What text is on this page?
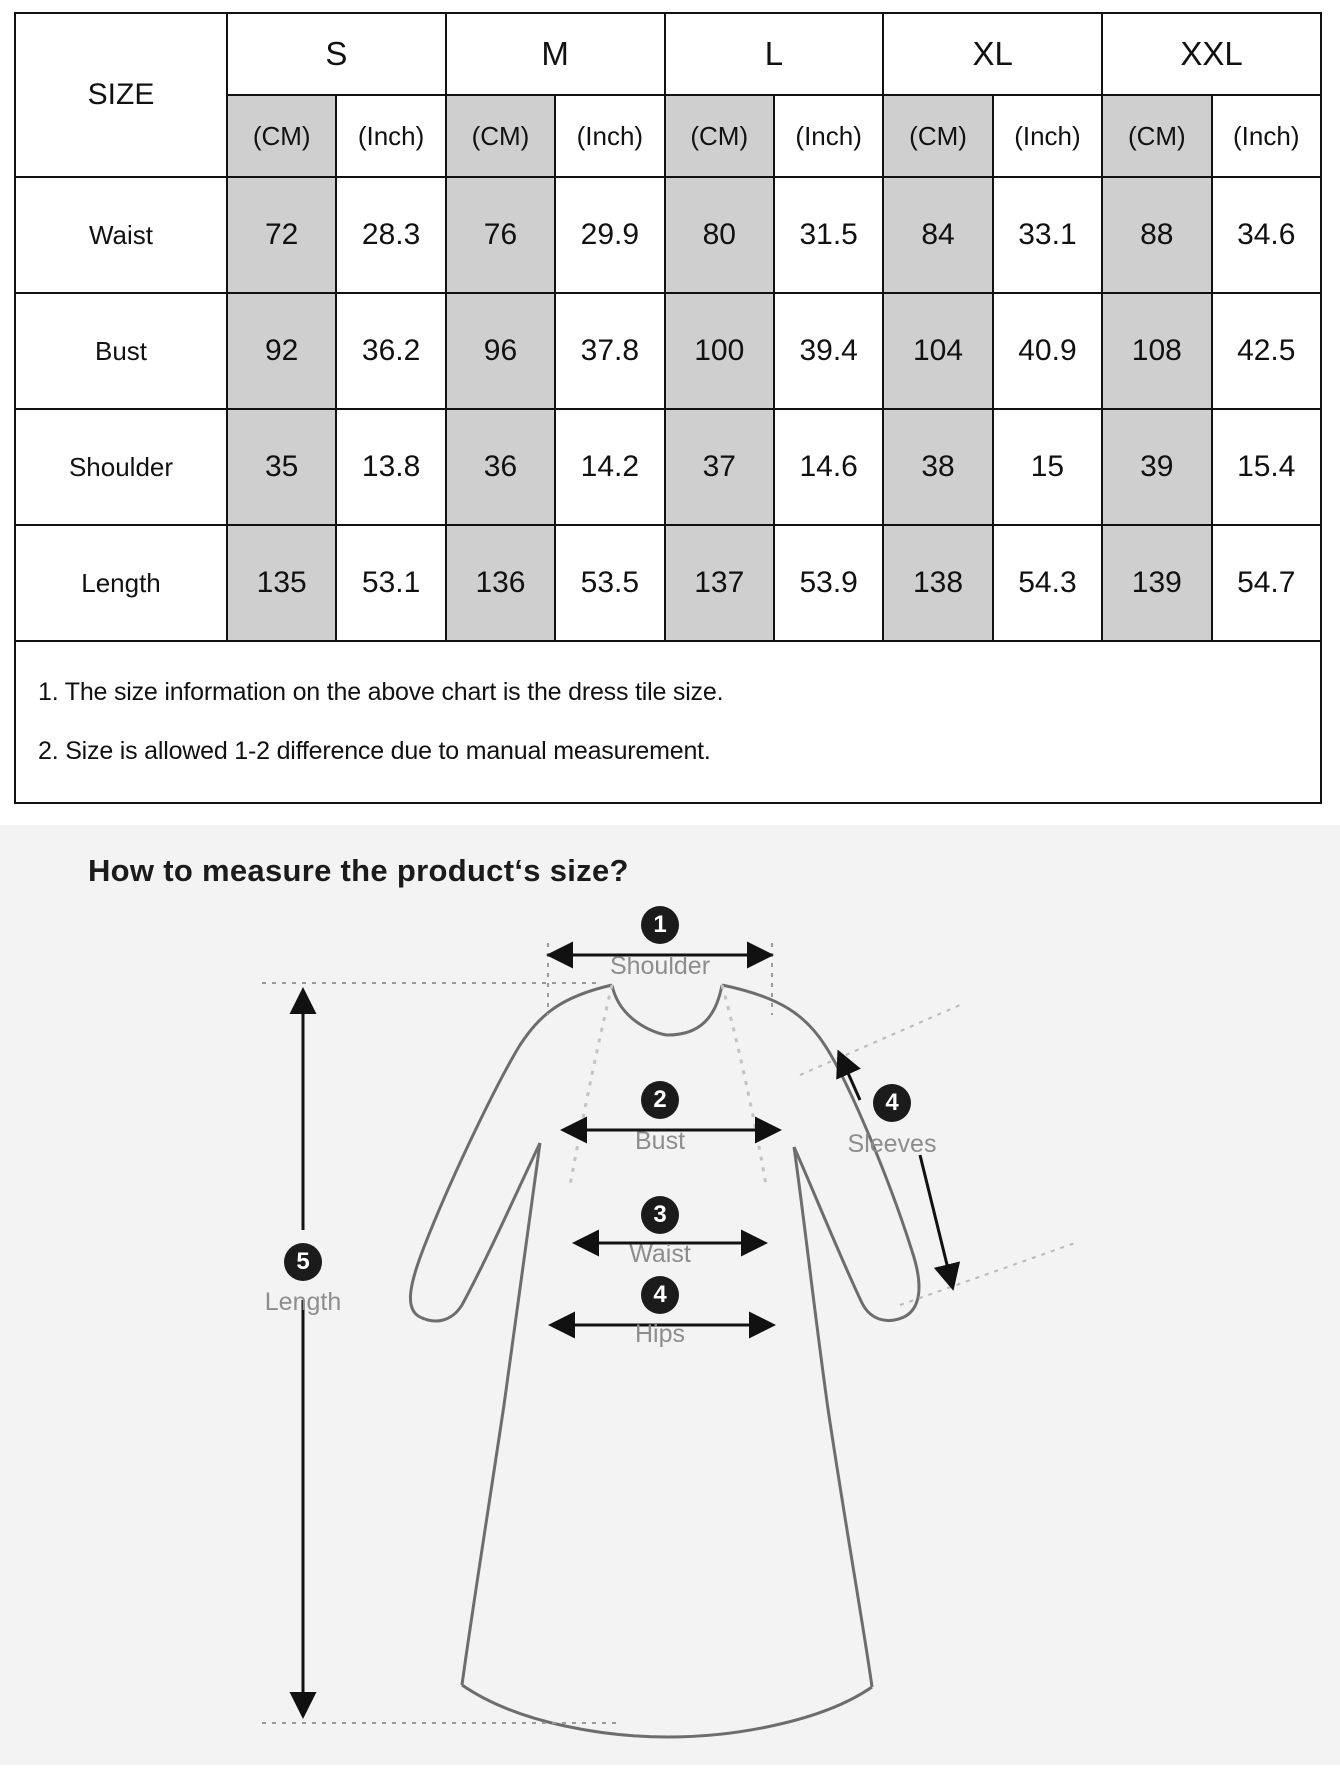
SIZE	S		M		L		XL		XXL	
	(CM)	(Inch)	(CM)	(Inch)	(CM)	(Inch)	(CM)	(Inch)	(CM)	(Inch)
Waist	72	28.3	76	29.9	80	31.5	84	33.1	88	34.6
Bust	92	36.2	96	37.8	100	39.4	104	40.9	108	42.5
Shoulder	35	13.8	36	14.2	37	14.6	38	15	39	15.4
Length	135	53.1	136	53.5	137	53.9	138	54.3	139	54.7
1. The size information on the above chart is the dress tile size.
2. Size is allowed 1-2 difference due to manual measurement.
How to measure the product‘s size?
1
Shoulder
2
Bust
3
Waist
4
Hips
4
Sleeves
5
Length
